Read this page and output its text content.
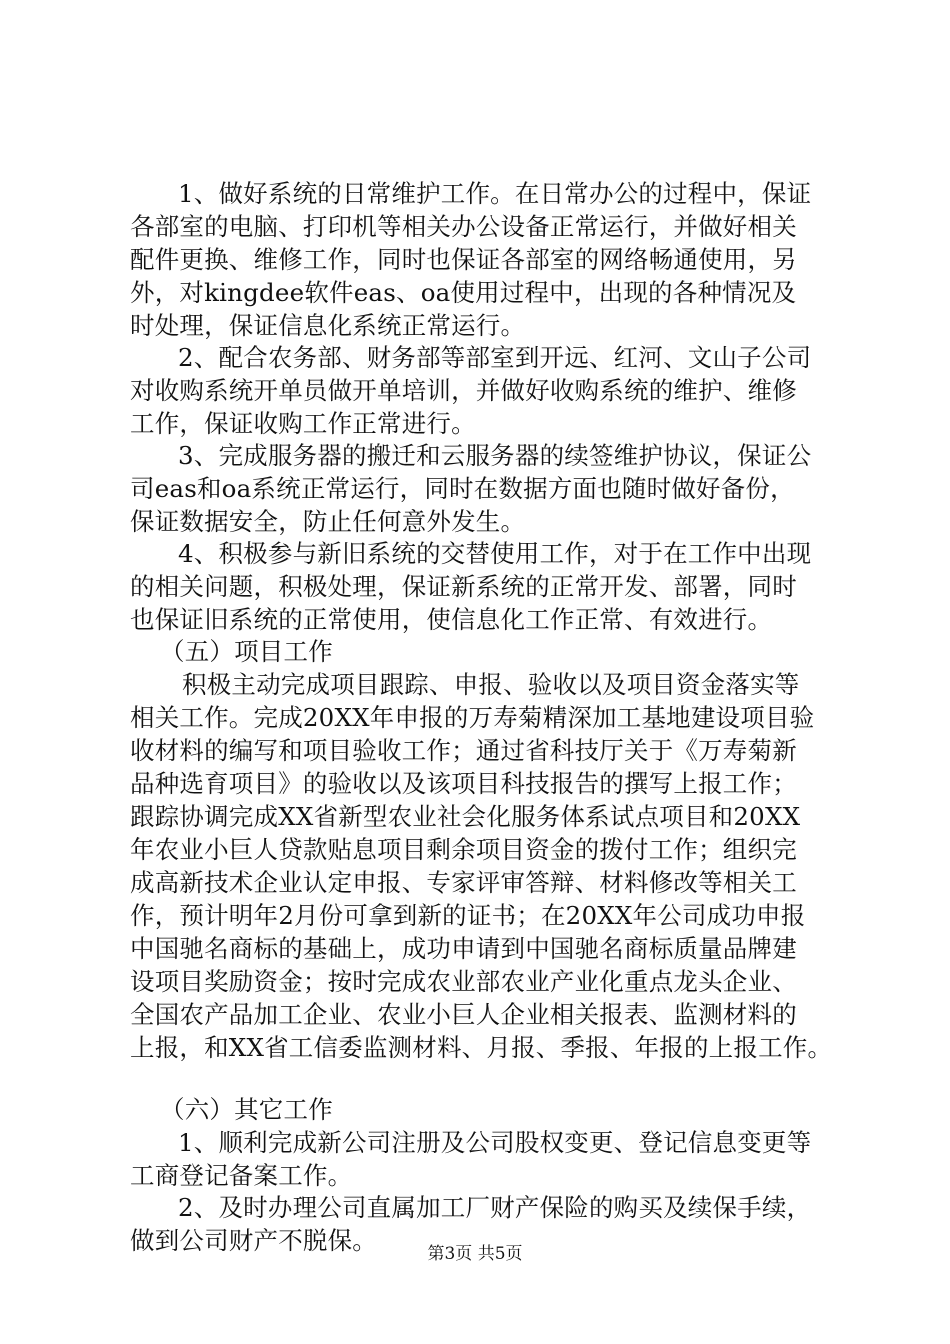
1、做好系统的日常维护工作。在日常办公的过程中，保证
各部室的电脑、打印机等相关办公设备正常运行，并做好相关
配件更换、维修工作，同时也保证各部室的网络畅通使用，另
外，对kingdee软件eas、oa使用过程中，出现的各种情况及
时处理，保证信息化系统正常运行。
2、配合农务部、财务部等部室到开远、红河、文山子公司
对收购系统开单员做开单培训，并做好收购系统的维护、维修
工作，保证收购工作正常进行。
3、完成服务器的搬迁和云服务器的续签维护协议，保证公
司eas和oa系统正常运行，同时在数据方面也随时做好备份，
保证数据安全，防止任何意外发生。
4、积极参与新旧系统的交替使用工作，对于在工作中出现
的相关问题，积极处理，保证新系统的正常开发、部署，同时
也保证旧系统的正常使用，使信息化工作正常、有效进行。
（五）项目工作
积极主动完成项目跟踪、申报、验收以及项目资金落实等
相关工作。完成20XX年申报的万寿菊精深加工基地建设项目验
收材料的编写和项目验收工作；通过省科技厅关于《万寿菊新
品种选育项目》的验收以及该项目科技报告的撰写上报工作；
跟踪协调完成XX省新型农业社会化服务体系试点项目和20XX
年农业小巨人贷款贴息项目剩余项目资金的拨付工作；组织完
成高新技术企业认定申报、专家评审答辩、材料修改等相关工
作，预计明年2月份可拿到新的证书；在20XX年公司成功申报
中国驰名商标的基础上，成功申请到中国驰名商标质量品牌建
设项目奖励资金；按时完成农业部农业产业化重点龙头企业、
全国农产品加工企业、农业小巨人企业相关报表、监测材料的
上报，和XX省工信委监测材料、月报、季报、年报的上报工作。
（六）其它工作
1、顺利完成新公司注册及公司股权变更、登记信息变更等
工商登记备案工作。
2、及时办理公司直属加工厂财产保险的购买及续保手续，
做到公司财产不脱保。	第3页 共5页
